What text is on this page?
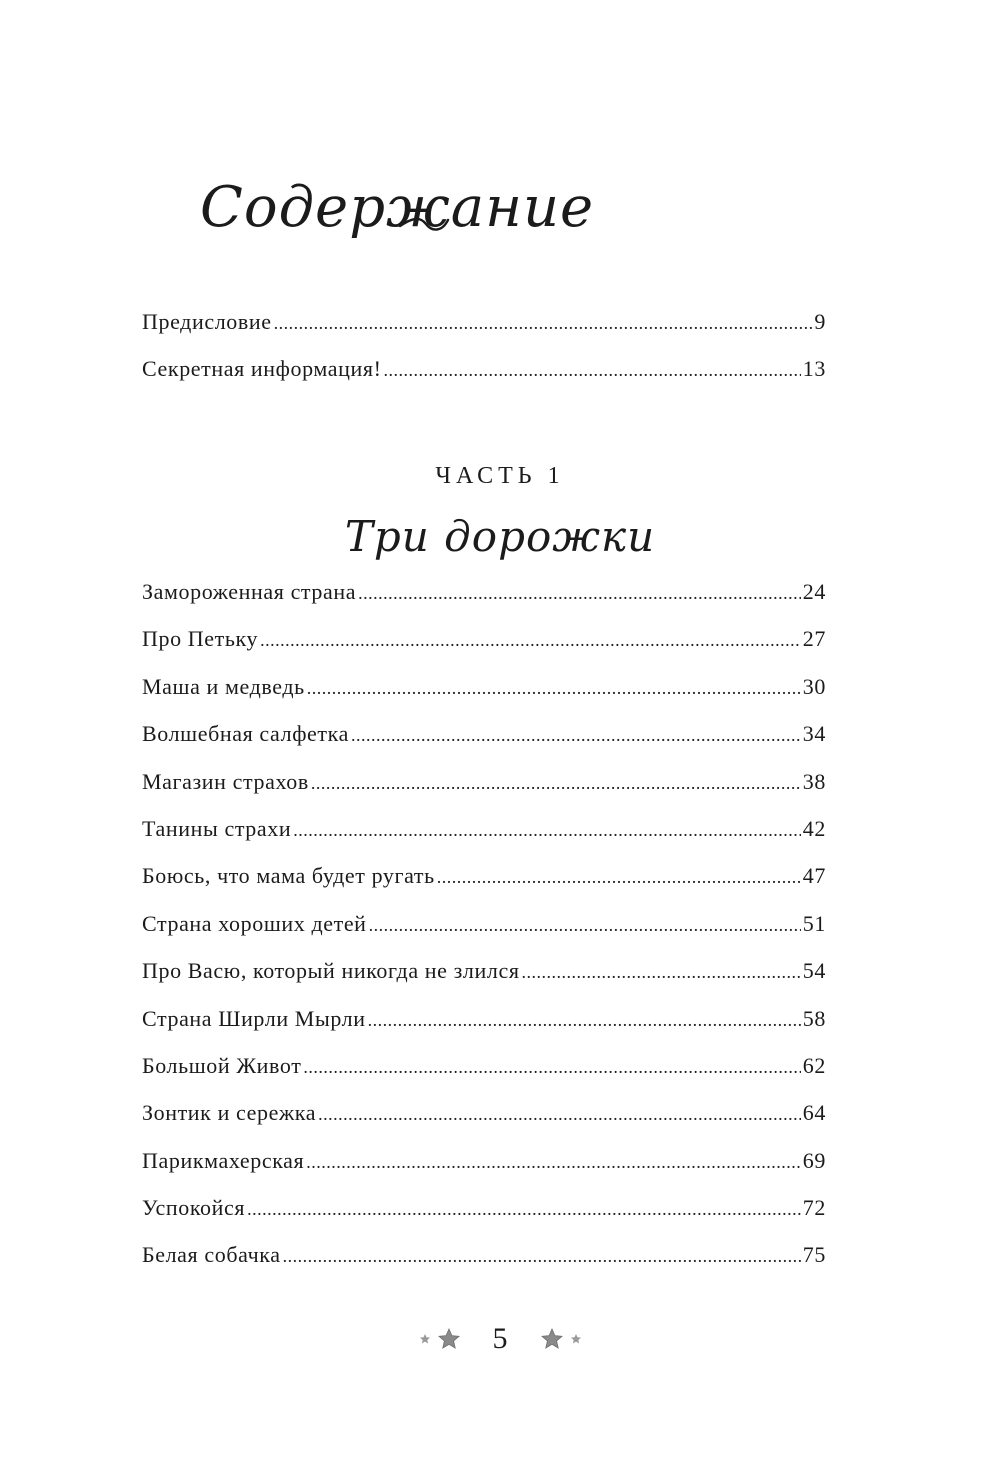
Содержание
Предисловие . . .	9
Секретная информация! . . .	13
ЧАСТЬ 1
Три дорожки
Замороженная страна . . .	24
Про Петьку . . .	27
Маша и медведь . . .	30
Волшебная салфетка . . .	34
Магазин страхов . . .	38
Танины страхи . . .	42
Боюсь, что мама будет ругать . . .	47
Страна хороших детей . . .	51
Про Васю, который никогда не злился . . .	54
Страна Ширли Мырли . . .	58
Большой Живот . . .	62
Зонтик и сережка . . .	64
Парикмахерская . . .	69
Успокойся . . .	72
Белая собачка . . .	75
5
